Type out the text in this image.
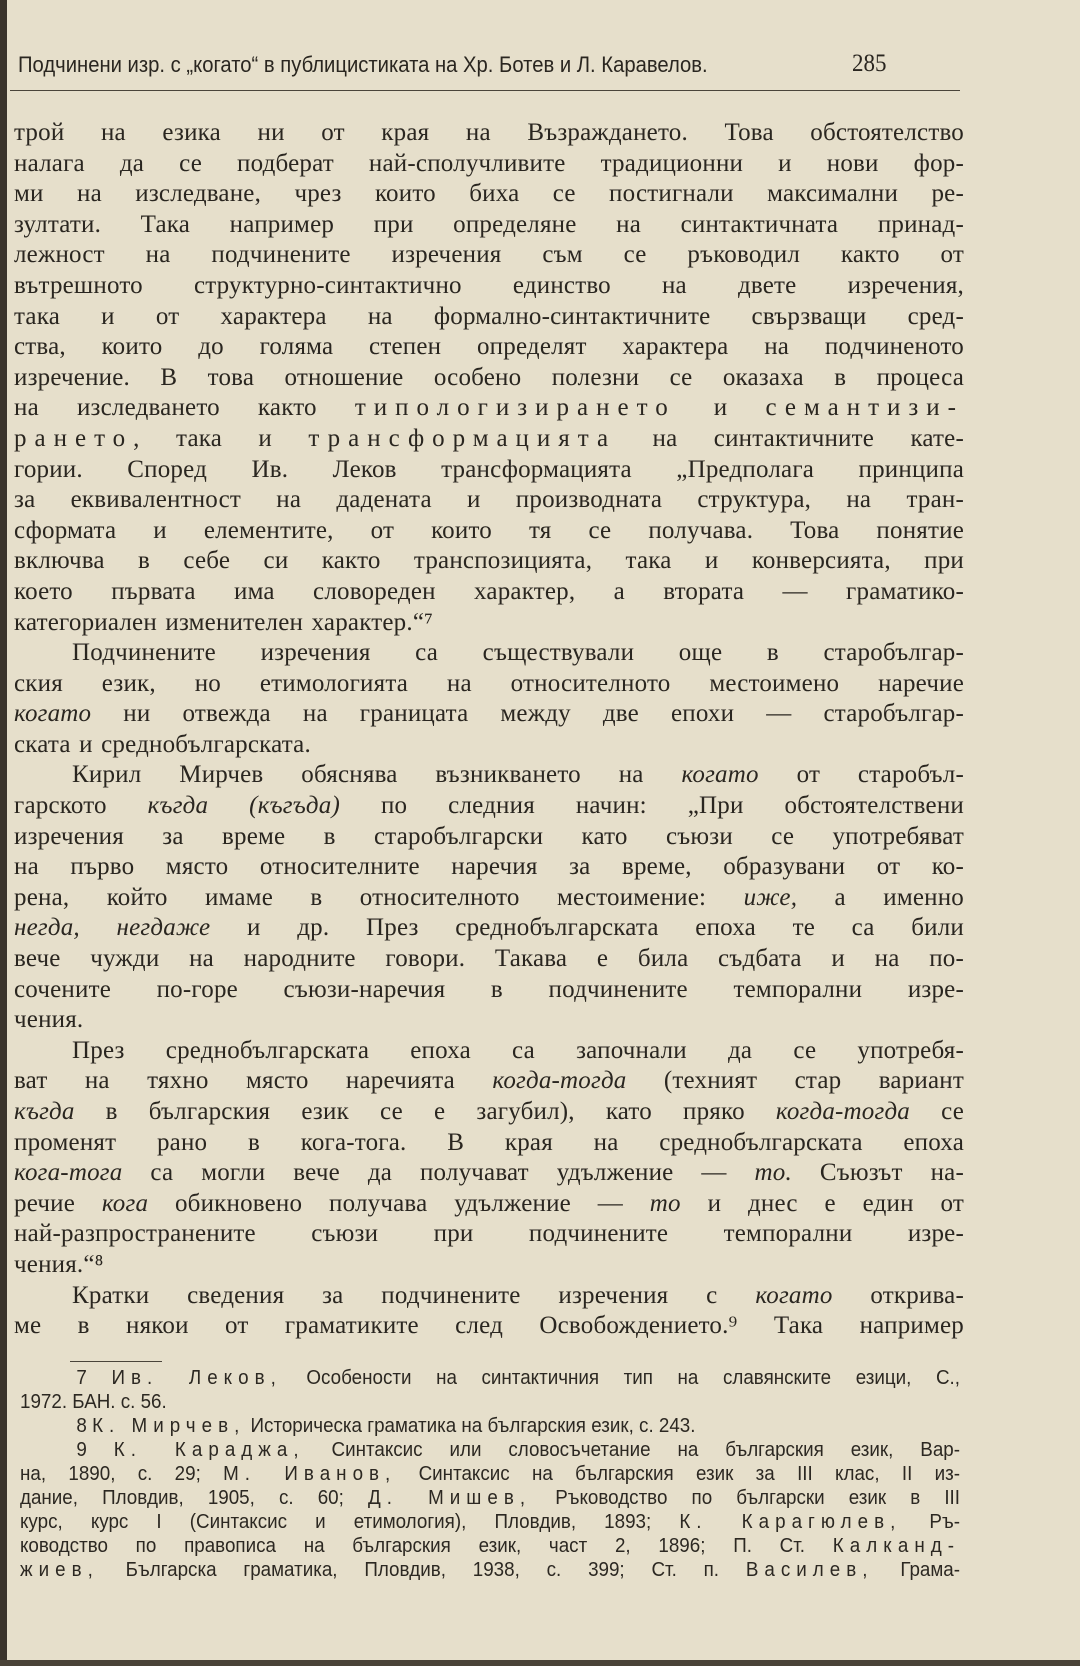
Подчинени изр. с „когато“ в публицистиката на Хр. Ботев и Л. Каравелов.	285
трой на езика ни от края на Възраждането. Това обстоятелство
налага да се подберат най-сполучливите традиционни и нови фор-
ми на изследване, чрез които биха се постигнали максимални ре-
зултати. Така например при определяне на синтактичната принад-
лежност на подчинените изречения съм се ръководил както от
вътрешното структурно-синтактично единство на двете изречения,
така и от характера на формално-синтактичните свързващи сред-
ства, които до голяма степен определят характера на подчиненото
изречение. В това отношение особено полезни се оказаха в процеса
на изследването както типологизирането и семантизи-
рането, така и трансформацията на синтактичните кате-
гории. Според Ив. Леков трансформацията „Предполага принципа
за еквивалентност на дадената и производната структура, на тран-
сформата и елементите, от които тя се получава. Това понятие
включва в себе си както транспозицията, така и конверсията, при
което първата има словореден характер, а втората — граматико-
категориален изменителен характер.“⁷
Подчинените изречения са съществували още в старобългар-
ския език, но етимологията на относителното местоимено наречие
когато ни отвежда на границата между две епохи — старобългар-
ската и среднобългарската.
Кирил Мирчев обяснява възникването на когато от старобъл-
гарското къгда (къгъда) по следния начин: „При обстоятелствени
изречения за време в старобългарски като съюзи се употребяват
на първо място относителните наречия за време, образувани от ко-
рена, който имаме в относителното местоимение: иже, а именно
негда, негдаже и др. През среднобългарската епоха те са били
вече чужди на народните говори. Такава е била съдбата и на по-
сочените по-горе съюзи-наречия в подчинените темпорални изре-
чения.
През среднобългарската епоха са започнали да се употребя-
ват на тяхно място наречията когда-тогда (техният стар вариант
къгда в българския език се е загубил), като пряко когда-тогда се
променят рано в кога-тога. В края на среднобългарската епоха
кога-тога са могли вече да получават удължение — то. Съюзът на-
речие кога обикновено получава удължение — то и днес е един от
най-разпространените съюзи при подчинените темпорални изре-
чения.“⁸
Кратки сведения за подчинените изречения с когато открива-
ме в някои от граматиките след Освобождението.⁹ Така например
7 Ив. Леков, Особености на синтактичния тип на славянските езици, С.,
1972. БАН. с. 56.
8 К. Мирчев, Историческа граматика на българския език, с. 243.
9 К. Караджа, Синтаксис или словосъчетание на българския език, Вар-
на, 1890, с. 29; М. Иванов, Синтаксис на българския език за III клас, II из-
дание, Пловдив, 1905, с. 60; Д. Мишев, Ръководство по български език в III
курс, курс I (Синтаксис и етимология), Пловдив, 1893; К. Карагюлев, Ръ-
ководство по правописа на българския език, част 2, 1896; П. Ст. Калканд-
жиев, Българска граматика, Пловдив, 1938, с. 399; Ст. п. Василев, Грама-
